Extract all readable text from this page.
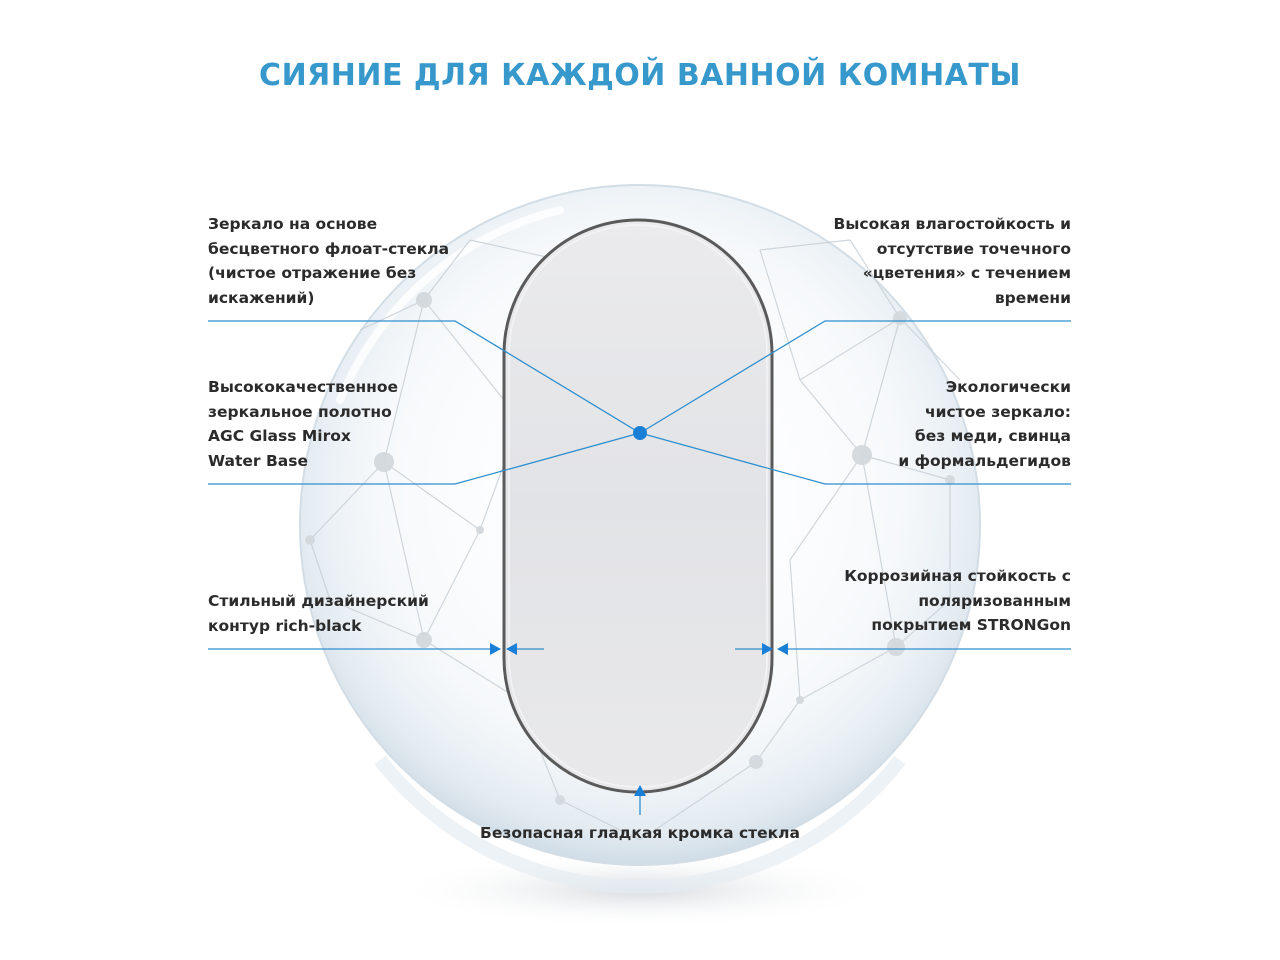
СИЯНИЕ ДЛЯ КАЖДОЙ ВАННОЙ КОМНАТЫ
Зеркало на основе
бесцветного флоат-стекла
(чистое отражение без
искажений)
Высококачественное
зеркальное полотно
AGC Glass Mirox
Water Base
Стильный дизайнерский
контур rich-black
Высокая влагостойкость и
отсутствие точечного
«цветения» с течением
времени
Экологически
чистое зеркало:
без меди, свинца
и формальдегидов
Коррозийная стойкость с
поляризованным
покрытием STRONGon
Безопасная гладкая кромка стекла
